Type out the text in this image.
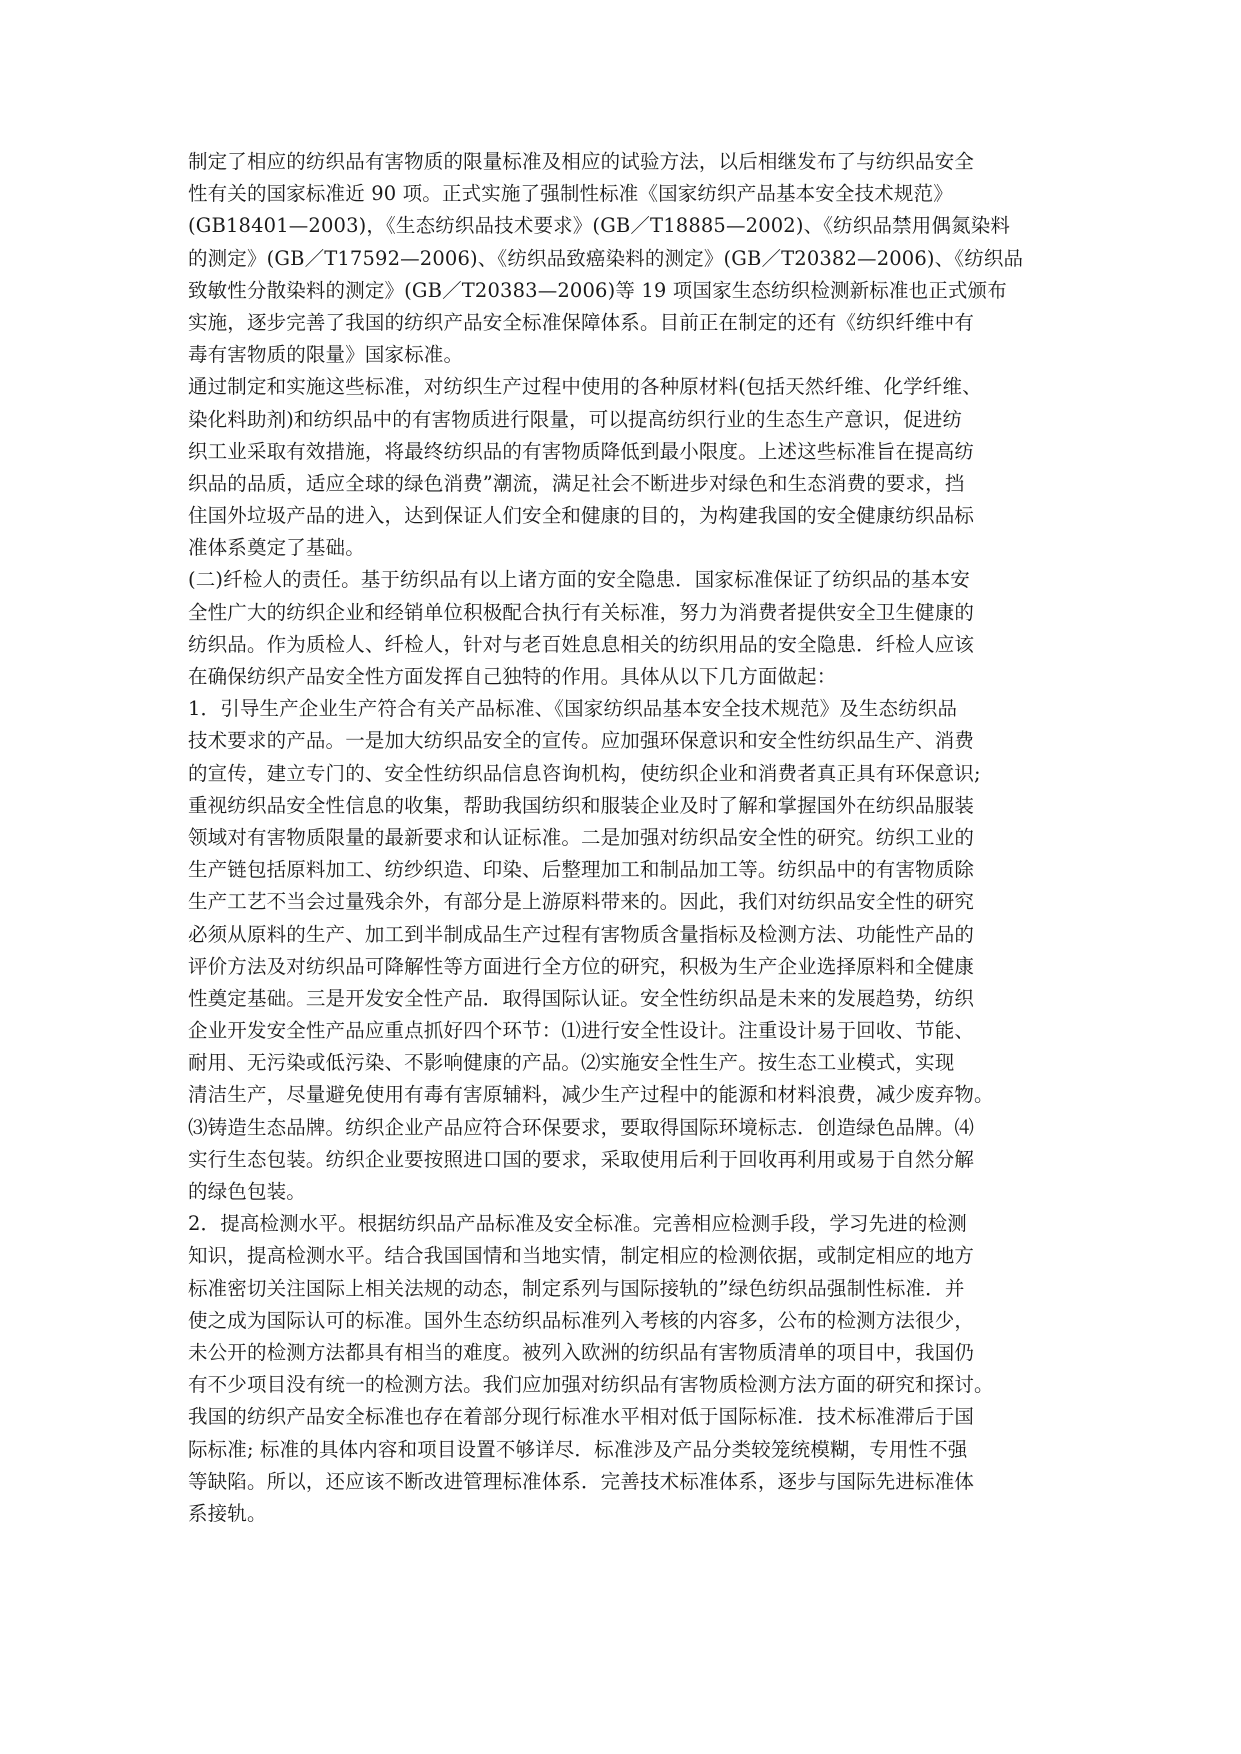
制定了相应的纺织品有害物质的限量标准及相应的试验方法，以后相继发布了与纺织品安全
性有关的国家标准近 90 项。正式实施了强制性标准《国家纺织产品基本安全技术规范》
(GB18401—2003)，《生态纺织品技术要求》(GB／T18885—2002)、《纺织品禁用偶氮染料
的测定》(GB／T17592—2006)、《纺织品致癌染料的测定》(GB／T20382—2006)、《纺织品
致敏性分散染料的测定》(GB／T20383—2006)等 19 项国家生态纺织检测新标准也正式颁布
实施，逐步完善了我国的纺织产品安全标准保障体系。目前正在制定的还有《纺织纤维中有
毒有害物质的限量》国家标准。
通过制定和实施这些标准，对纺织生产过程中使用的各种原材料(包括天然纤维、化学纤维、
染化料助剂)和纺织品中的有害物质进行限量，可以提高纺织行业的生态生产意识，促进纺
织工业采取有效措施，将最终纺织品的有害物质降低到最小限度。上述这些标准旨在提高纺
织品的品质，适应全球的绿色消费”潮流，满足社会不断进步对绿色和生态消费的要求，挡
住国外垃圾产品的进入，达到保证人们安全和健康的目的，为构建我国的安全健康纺织品标
准体系奠定了基础。
(二)纤检人的责任。基于纺织品有以上诸方面的安全隐患．国家标准保证了纺织品的基本安
全性广大的纺织企业和经销单位积极配合执行有关标准，努力为消费者提供安全卫生健康的
纺织品。作为质检人、纤检人，针对与老百姓息息相关的纺织用品的安全隐患．纤检人应该
在确保纺织产品安全性方面发挥自己独特的作用。具体从以下几方面做起：
1．引导生产企业生产符合有关产品标准、《国家纺织品基本安全技术规范》及生态纺织品
技术要求的产品。一是加大纺织品安全的宣传。应加强环保意识和安全性纺织品生产、消费
的宣传，建立专门的、安全性纺织品信息咨询机构，使纺织企业和消费者真正具有环保意识;
重视纺织品安全性信息的收集，帮助我国纺织和服装企业及时了解和掌握国外在纺织品服装
领域对有害物质限量的最新要求和认证标准。二是加强对纺织品安全性的研究。纺织工业的
生产链包括原料加工、纺纱织造、印染、后整理加工和制品加工等。纺织品中的有害物质除
生产工艺不当会过量残余外，有部分是上游原料带来的。因此，我们对纺织品安全性的研究
必须从原料的生产、加工到半制成品生产过程有害物质含量指标及检测方法、功能性产品的
评价方法及对纺织品可降解性等方面进行全方位的研究，积极为生产企业选择原料和全健康
性奠定基础。三是开发安全性产品．取得国际认证。安全性纺织品是未来的发展趋势，纺织
企业开发安全性产品应重点抓好四个环节：⑴进行安全性设计。注重设计易于回收、节能、
耐用、无污染或低污染、不影响健康的产品。⑵实施安全性生产。按生态工业模式，实现
清洁生产，尽量避免使用有毒有害原辅料，减少生产过程中的能源和材料浪费，减少废弃物。
⑶铸造生态品牌。纺织企业产品应符合环保要求，要取得国际环境标志．创造绿色品牌。⑷
实行生态包装。纺织企业要按照进口国的要求，采取使用后利于回收再利用或易于自然分解
的绿色包装。
2．提高检测水平。根据纺织品产品标准及安全标准。完善相应检测手段，学习先进的检测
知识，提高检测水平。结合我国国情和当地实情，制定相应的检测依据，或制定相应的地方
标准密切关注国际上相关法规的动态，制定系列与国际接轨的”绿色纺织品强制性标准．并
使之成为国际认可的标准。国外生态纺织品标准列入考核的内容多，公布的检测方法很少，
未公开的检测方法都具有相当的难度。被列入欧洲的纺织品有害物质清单的项目中，我国仍
有不少项目没有统一的检测方法。我们应加强对纺织品有害物质检测方法方面的研究和探讨。
我国的纺织产品安全标准也存在着部分现行标准水平相对低于国际标准．技术标准滞后于国
际标准; 标准的具体内容和项目设置不够详尽．标准涉及产品分类较笼统模糊，专用性不强
等缺陷。所以，还应该不断改进管理标准体系．完善技术标准体系，逐步与国际先进标准体
系接轨。
